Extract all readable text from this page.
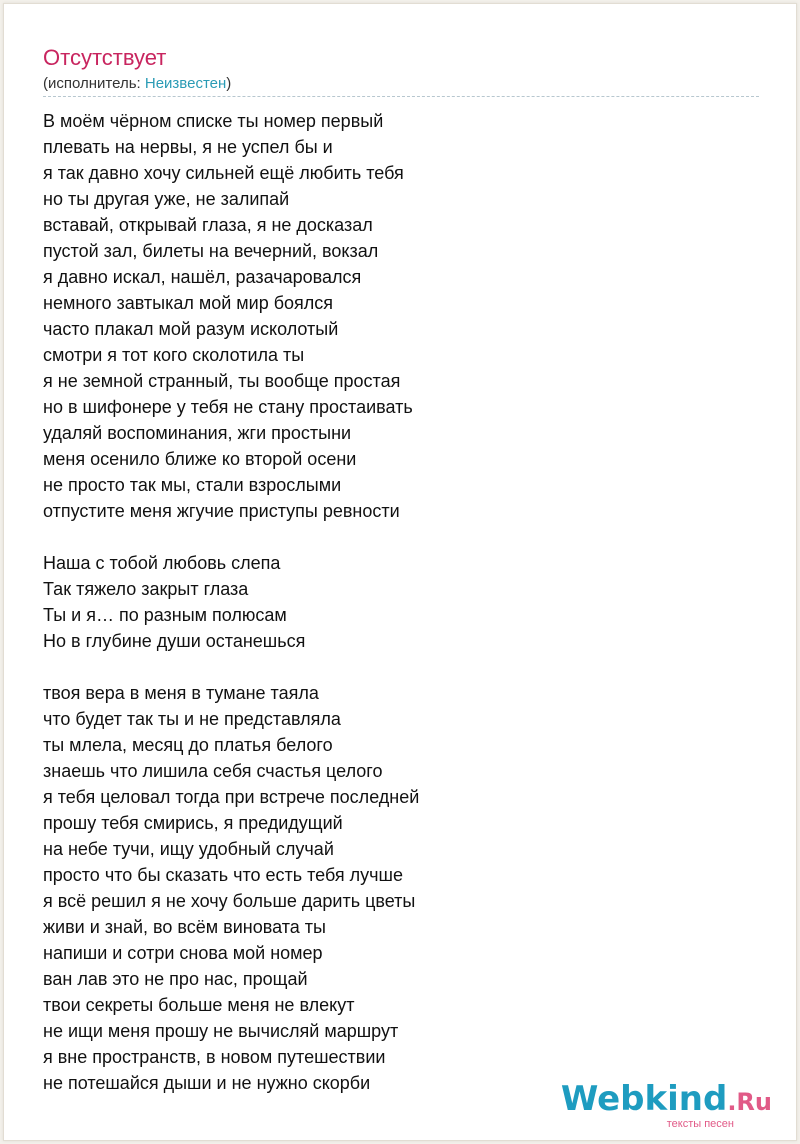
Отсутствует
(исполнитель: Неизвестен)
В моём чёрном списке ты номер первый
плевать на нервы, я не успел бы и
я так давно хочу сильней ещё любить тебя
но ты другая уже, не залипай
вставай, открывай глаза, я не досказал
пустой зал, билеты на вечерний, вокзал
я давно искал, нашёл, разачаровался
немного завтыкал мой мир боялся
часто плакал мой разум исколотый
смотри я тот кого сколотила ты
я не земной странный, ты вообще простая
но в шифонере у тебя не стану простаивать
удаляй воспоминания, жги простыни
меня осенило ближе ко второй осени
не просто так мы, стали взрослыми
отпустите меня жгучие приступы ревности
Наша с тобой любовь слепа
Так тяжело закрыт глаза
Ты и я… по разным полюсам
Но в глубине души останешься
твоя вера в меня в тумане таяла
что будет так ты и не представляла
ты млела, месяц до платья белого
знаешь что лишила себя счастья целого
я тебя целовал тогда при встрече последней
прошу тебя смирись, я предидущий
на небе тучи, ищу удобный случай
просто что бы сказать что есть тебя лучше
я всё решил я не хочу больше дарить цветы
живи и знай, во всём виновата ты
напиши и сотри снова мой номер
ван лав это не про нас, прощай
твои секреты больше меня не влекут
не ищи меня прошу не вычисляй маршрут
я вне пространств, в новом путешествии
не потешайся дыши и не нужно скорби	Webkind.Ru
тексты песен
